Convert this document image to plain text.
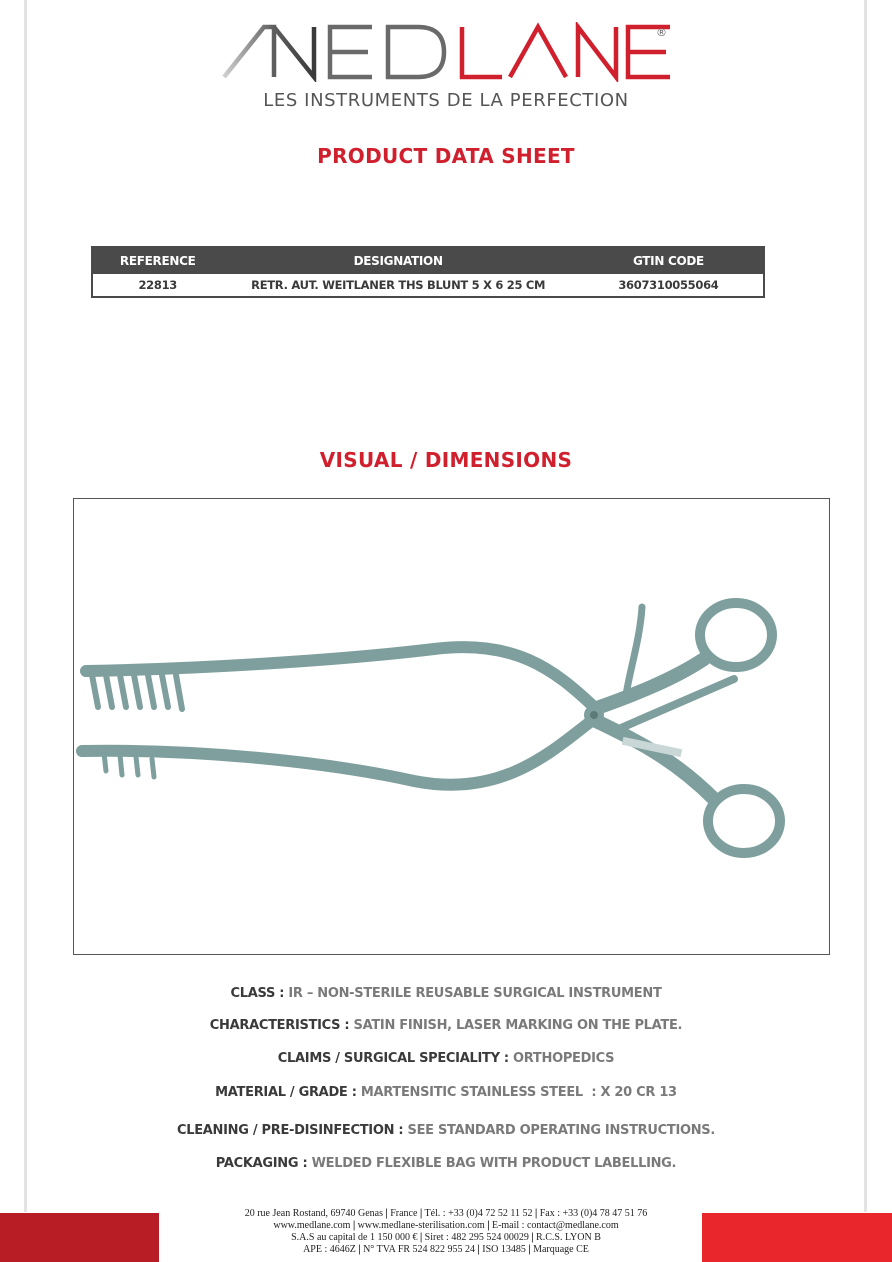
®
LES INSTRUMENTS DE LA PERFECTION
PRODUCT DATA SHEET
REFERENCE	DESIGNATION	GTIN CODE
22813	RETR. AUT. WEITLANER THS BLUNT 5 X 6 25 CM	3607310055064
VISUAL / DIMENSIONS
CLASS : IR – NON-STERILE REUSABLE SURGICAL INSTRUMENT
CHARACTERISTICS : SATIN FINISH, LASER MARKING ON THE PLATE.
CLAIMS / SURGICAL SPECIALITY : ORTHOPEDICS
MATERIAL / GRADE : MARTENSITIC STAINLESS STEEL  : X 20 CR 13
CLEANING / PRE-DISINFECTION : SEE STANDARD OPERATING INSTRUCTIONS.
PACKAGING : WELDED FLEXIBLE BAG WITH PRODUCT LABELLING.
20 rue Jean Rostand, 69740 Genas | France | Tél. : +33 (0)4 72 52 11 52 | Fax : +33 (0)4 78 47 51 76
www.medlane.com | www.medlane-sterilisation.com | E-mail : contact@medlane.com
S.A.S au capital de 1 150 000 € | Siret : 482 295 524 00029 | R.C.S. LYON B
APE : 4646Z | N° TVA FR 524 822 955 24 | ISO 13485 | Marquage CE
